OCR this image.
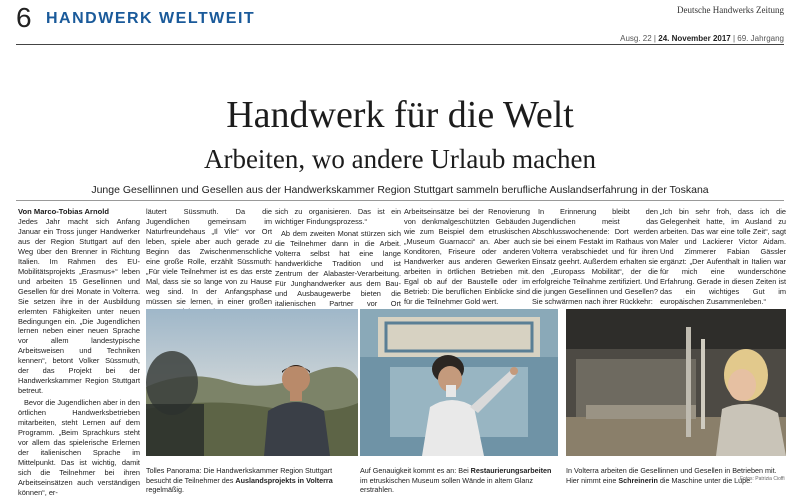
6 HANDWERK WELTWEIT	Deutsche Handwerks Zeitung
Ausg. 22 | 24. November 2017 | 69. Jahrgang
Handwerk für die Welt
Arbeiten, wo andere Urlaub machen
Junge Gesellinnen und Gesellen aus der Handwerkskammer Region Stuttgart sammeln berufliche Auslandserfahrung in der Toskana
Von Marco-Tobias Arnold

Jedes Jahr macht sich Anfang Januar ein Tross junger Handwerker aus der Region Stuttgart auf den Weg über den Brenner in Richtung Italien. Im Rahmen des EU-Mobilitätsprojekts „Erasmus+“ leben und arbeiten 15 Gesellinnen und Gesellen für drei Monate in Volterra. Sie setzen ihre in der Ausbildung erlernten Fähigkeiten unter neuen Bedingungen ein. „Die Jugendlichen lernen neben einer neuen Sprache vor allem landestypische Arbeitsweisen und Techniken kennen“, betont Volker Süssmuth, der das Projekt bei der Handwerkskammer Region Stuttgart betreut.

Bevor die Jugendlichen aber in den örtlichen Handwerksbetrieben mitarbeiten, steht Lernen auf dem Programm. „Beim Sprachkurs steht vor allem das spielerische Erlernen der italienischen Sprache im Mittelpunkt. Das ist wichtig, damit sich die Teilnehmer bei ihren Arbeitseinsätzen auch verständigen können“, er-

läutert Süssmuth. Da die Jugendlichen gemeinsam im Naturfreundehaus „Il Vile“ vor Ort leben, spiele aber auch gerade zu Beginn das Zwischenmenschliche eine große Rolle, erzählt Süssmuth: „Für viele Teilnehmer ist es das erste Mal, dass sie so lange von zu Hause weg sind. In der Anfangsphase müssen sie lernen, in einer großen

sich zu organisieren. Das ist ein wichtiger Findungsprozess.“

Ab dem zweiten Monat stürzen sich die Teilnehmer dann in die Arbeit. Volterra selbst hat eine lange handwerkliche Tradition und ist Zentrum der Alabaster-Verarbeitung. Für Junghandwerker aus dem Bau- und Ausbaugewerbe bieten die italienischen Partner vor Ort

Arbeitseinsätze bei der Renovierung von denkmalgeschützten Gebäuden wie zum Beispiel dem etruskischen „Museum Guarnacci“ an. Aber auch Konditoren, Friseure oder anderen Handwerker aus anderen Gewerken arbeiten in örtlichen Betrieben mit. Egal ob auf der Baustelle oder im Betrieb: Die beruflichen Einblicke sind für die Teilnehmer Gold wert.

In Erinnerung bleibt den Jugendlichen meist das Abschlusswochenende: Dort werden sie bei einem Festakt im Rathaus von Volterra verabschiedet und für ihren Einsatz geehrt. Außerdem erhalten sie den „Europass Mobilität“, der die erfolgreiche Teilnahme zertifiziert. Und die jungen Gesellinnen und Gesellen? Sie schwärmen nach ihrer Rückkehr:

„Ich bin sehr froh, dass ich die Gelegenheit hatte, im Ausland zu arbeiten. Das war eine tolle Zeit“, sagt Maler und Lackierer Victor Aidam. Und Zimmerer Fabian Gässler ergänzt: „Der Aufenthalt in Italien war für mich eine wunderschöne Erfahrung. Gerade in diesen Zeiten ist das ein wichtiges Gut im europäischen Zusammenleben.“

Tolles Panorama: Die Handwerkskammer Region Stuttgart besucht die Teilnehmer des Auslandsprojekts in Volterra regelmäßig.
Auf Genauigkeit kommt es an: Bei Restaurierungsarbeiten im etruskischen Museum sollen Wände in altem Glanz erstrahlen.
In Volterra arbeiten die Gesellinnen und Gesellen in Betrieben mit. Hier nimmt eine Schreinerin die Maschine unter die Lupe.
Fotos: Patrizia Cioffi
